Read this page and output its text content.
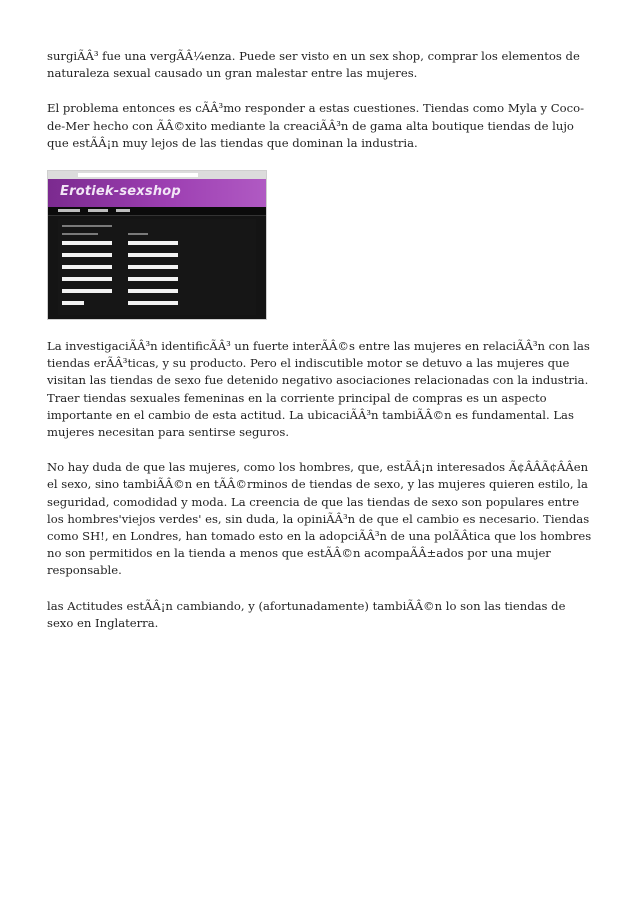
surgiÃÂ³ fue una vergÃÂ¼enza. Puede ser visto en un sex shop, comprar los elementos de naturaleza sexual causado un gran malestar entre las mujeres.

El problema entonces es cÃÂ³mo responder a estas cuestiones. Tiendas como Myla y Coco-de-Mer hecho con ÃÂ©xito mediante la creaciÃÂ³n de gama alta boutique tiendas de lujo que estÃÂ¡n muy lejos de las tiendas que dominan la industria.

Erotiek-sexshop

La investigaciÃÂ³n identificÃÂ³ un fuerte interÃÂ©s entre las mujeres en relaciÃÂ³n con las tiendas erÃÂ³ticas, y su producto. Pero el indiscutible motor se detuvo a las mujeres que visitan las tiendas de sexo fue detenido negativo asociaciones relacionadas con la industria. Traer tiendas sexuales femeninas en la corriente principal de compras es un aspecto importante en el cambio de esta actitud. La ubicaciÃÂ³n tambiÃÂ©n es fundamental. Las mujeres necesitan para sentirse seguros.

No hay duda de que las mujeres, como los hombres, que, estÃÂ¡n interesados Ã¢ÂÂÃ¢ÂÂen el sexo, sino tambiÃÂ©n en tÃÂ©rminos de tiendas de sexo, y las mujeres quieren estilo, la seguridad, comodidad y moda. La creencia de que las tiendas de sexo son populares entre los hombres'viejos verdes' es, sin duda, la opiniÃÂ³n de que el cambio es necesario. Tiendas como SH!, en Londres, han tomado esto en la adopciÃÂ³n de una polÃÂtica que los hombres no son permitidos en la tienda a menos que estÃÂ©n acompaÃÂ±ados por una mujer responsable.

las Actitudes estÃÂ¡n cambiando, y (afortunadamente) tambiÃÂ©n lo son las tiendas de sexo en Inglaterra.
